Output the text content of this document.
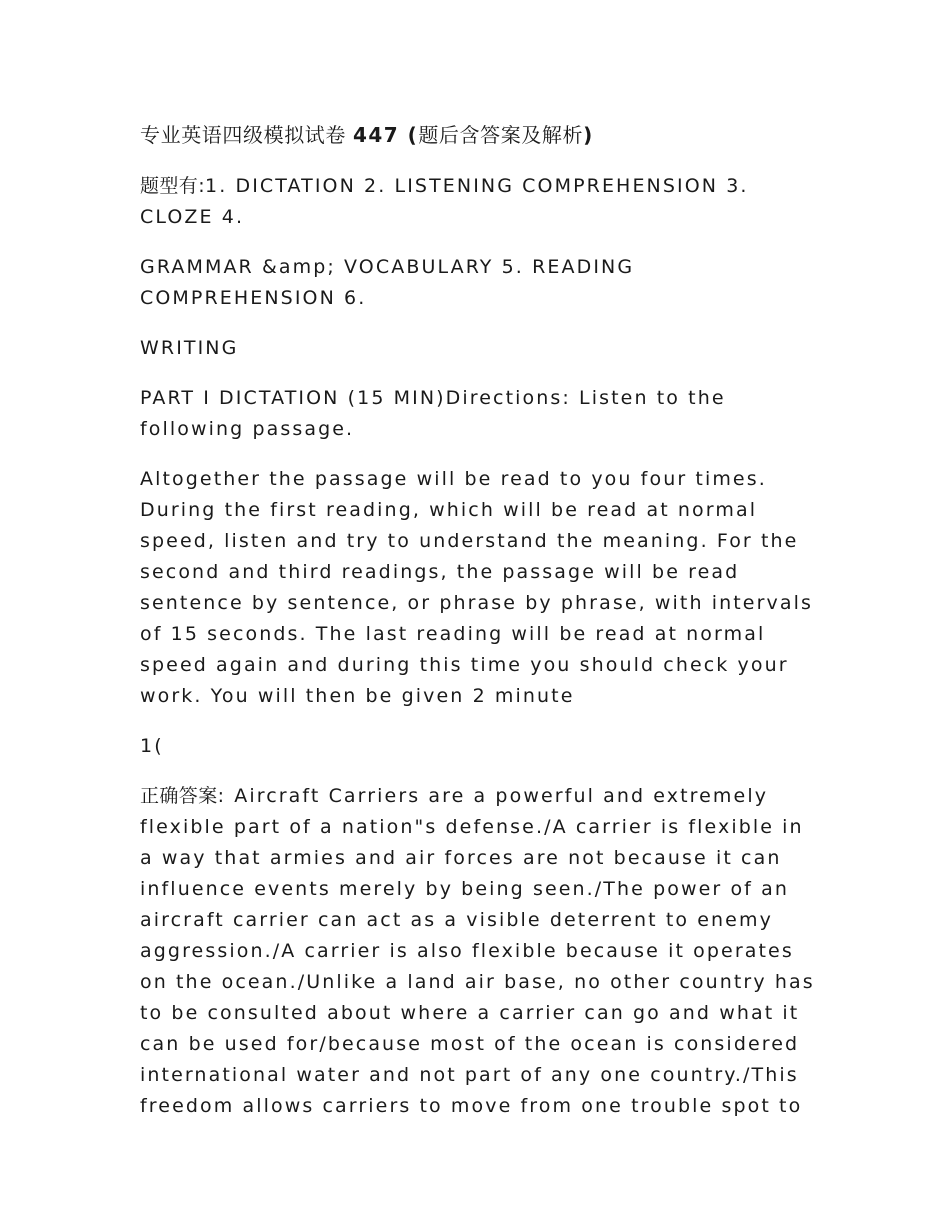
专业英语四级模拟试卷 447 (题后含答案及解析)

题型有:1. DICTATION 2. LISTENING COMPREHENSION 3. CLOZE 4.

GRAMMAR &amp; VOCABULARY 5. READING COMPREHENSION 6.

WRITING

PART I DICTATION (15 MIN)Directions: Listen to the following passage.

Altogether the passage will be read to you four times. During the first reading, which will be read at normal speed, listen and try to understand the meaning. For the second and third readings, the passage will be read sentence by sentence, or phrase by phrase, with intervals of 15 seconds. The last reading will be read at normal speed again and during this time you should check your work. You will then be given 2 minute

1(

正确答案: Aircraft Carriers are a powerful and extremely flexible part of a nation"s defense./A carrier is flexible in a way that armies and air forces are not because it can influence events merely by being seen./The power of an aircraft carrier can act as a visible deterrent to enemy aggression./A carrier is also flexible because it operates on the ocean./Unlike a land air base, no other country has to be consulted about where a carrier can go and what it can be used for/because most of the ocean is considered international water and not part of any one country./This freedom allows carriers to move from one trouble spot to
